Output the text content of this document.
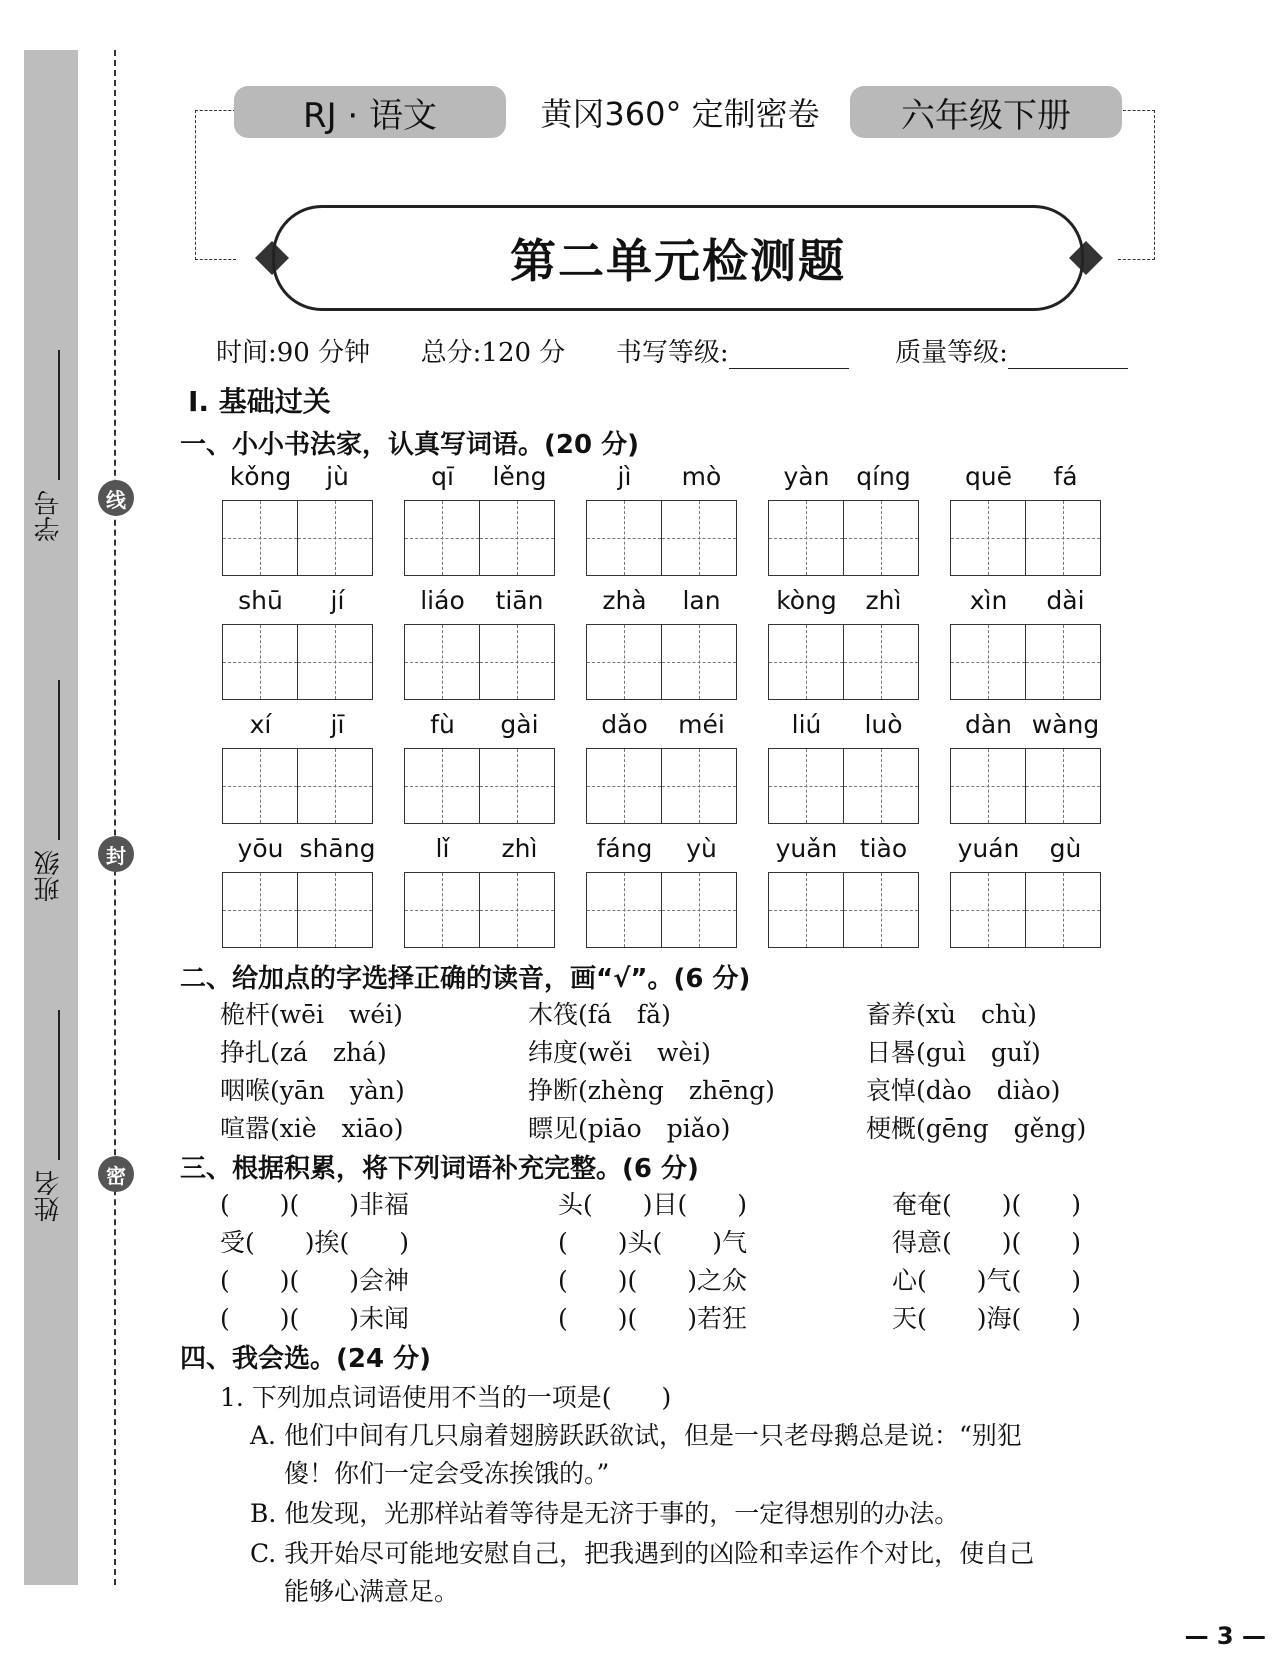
学号
班级
姓名
线
封
密
RJ · 语文	黄冈360° 定制密卷	六年级下册
第二单元检测题
时间:90 分钟 总分:120 分 书写等级:	质量等级:
Ⅰ. 基础过关
一、小小书法家，认真写词语。(20 分)
kǒng	jù	qī	lěng	jì	mò	yàn	qíng	quē	fá
shū	jí	liáo	tiān	zhà	lan	kòng	zhì	xìn	dài
xí	jī	fù	gài	dǎo	méi	liú	luò	dàn wàng
yōu shāng	lǐ	zhì	fáng	yù	yuǎn tiào	yuán	gù
二、给加点的字选择正确的读音，画“√”。(6 分)
桅杆(wēi　wéi)	木筏(fá　fǎ)	畜养(xù　chù)
挣扎(zá　zhá)	纬度(wěi　wèi)	日晷(guì　guǐ)
咽喉(yān　yàn)	挣断(zhèng　zhēng)	哀悼(dào　diào)
喧嚣(xiè　xiāo)	瞟见(piāo　piǎo)	梗概(gēng　gěng)
三、根据积累，将下列词语补充完整。(6 分)
(　　)(　　)非福	头(　　)目(　　)	奄奄(　　)(　　)
受(　　)挨(　　)	(　　)头(　　)气	得意(　　)(　　)
(　　)(　　)会神	(　　)(　　)之众	心(　　)气(　　)
(　　)(　　)未闻	(　　)(　　)若狂	天(　　)海(　　)
四、我会选。(24 分)
1. 下列加点词语使用不当的一项是(　　)
A. 他们中间有几只扇着翅膀跃跃欲试，但是一只老母鹅总是说：“别犯
傻！你们一定会受冻挨饿的。”
B. 他发现，光那样站着等待是无济于事的，一定得想别的办法。
C. 我开始尽可能地安慰自己，把我遇到的凶险和幸运作个对比，使自己
能够心满意足。
— 3 —
